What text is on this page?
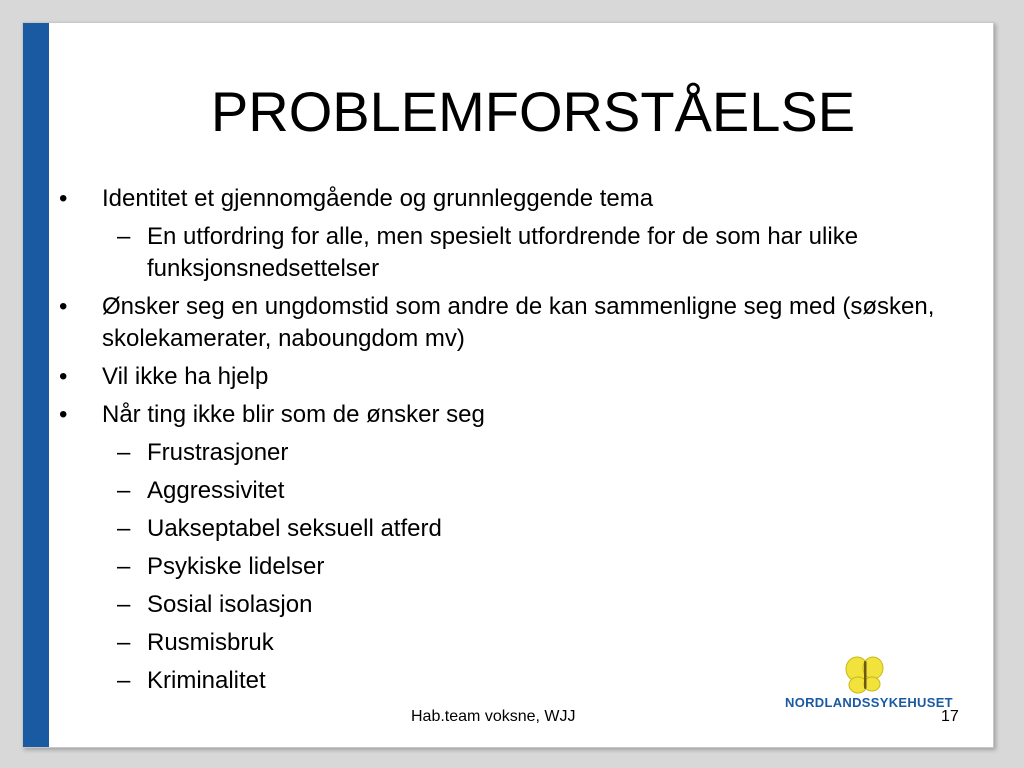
PROBLEMFORSTÅELSE
•	Identitet et gjennomgående og grunnleggende tema
– En utfordring for alle, men spesielt utfordrende for de som har ulike funksjonsnedsettelser
•	Ønsker seg en ungdomstid som andre de kan sammenligne seg med (søsken, skolekamerater, naboungdom mv)
•	Vil ikke ha hjelp
•	Når ting ikke blir som de ønsker seg
– Frustrasjoner
– Aggressivitet
– Uakseptabel seksuell atferd
– Psykiske lidelser
– Sosial isolasjon
– Rusmisbruk
– Kriminalitet
NORDLANDSSYKEHUSET
Hab.team voksne, WJJ	17
